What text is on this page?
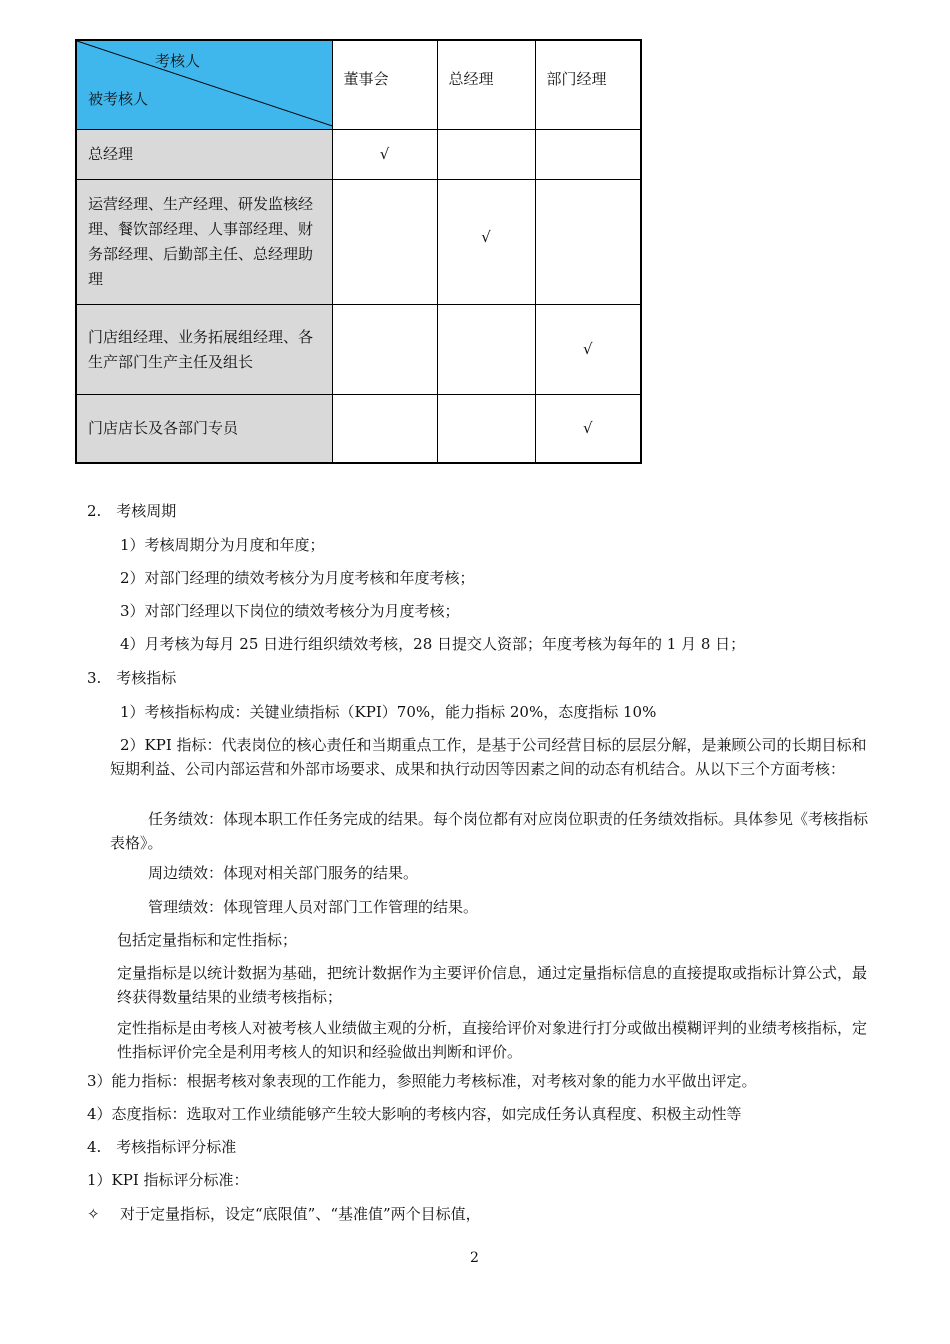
考核人
被考核人	董事会	总经理	部门经理
总经理	√		
运营经理、生产经理、研发监核经理、餐饮部经理、人事部经理、财务部经理、后勤部主任、总经理助理		√	
门店组经理、业务拓展组经理、各生产部门生产主任及组长			√
门店店长及各部门专员			√
2.　考核周期
1）考核周期分为月度和年度；
2）对部门经理的绩效考核分为月度考核和年度考核；
3）对部门经理以下岗位的绩效考核分为月度考核；
4）月考核为每月 25 日进行组织绩效考核，28 日提交人资部；年度考核为每年的 1 月 8 日；
3.　考核指标
1）考核指标构成：关键业绩指标（KPI）70%，能力指标 20%，态度指标 10%
2）KPI 指标：代表岗位的核心责任和当期重点工作，是基于公司经营目标的层层分解，是兼顾公司的长期目标和短期利益、公司内部运营和外部市场要求、成果和执行动因等因素之间的动态有机结合。从以下三个方面考核：
任务绩效：体现本职工作任务完成的结果。每个岗位都有对应岗位职责的任务绩效指标。具体参见《考核指标表格》。
周边绩效：体现对相关部门服务的结果。
管理绩效：体现管理人员对部门工作管理的结果。
包括定量指标和定性指标；
定量指标是以统计数据为基础，把统计数据作为主要评价信息，通过定量指标信息的直接提取或指标计算公式，最终获得数量结果的业绩考核指标；
定性指标是由考核人对被考核人业绩做主观的分析，直接给评价对象进行打分或做出模糊评判的业绩考核指标，定性指标评价完全是利用考核人的知识和经验做出判断和评价。
3）能力指标：根据考核对象表现的工作能力，参照能力考核标准，对考核对象的能力水平做出评定。
4）态度指标：选取对工作业绩能够产生较大影响的考核内容，如完成任务认真程度、积极主动性等
4.　考核指标评分标准
1）KPI 指标评分标准：
✧ 对于定量指标，设定“底限值”、“基准值”两个目标值，
2
